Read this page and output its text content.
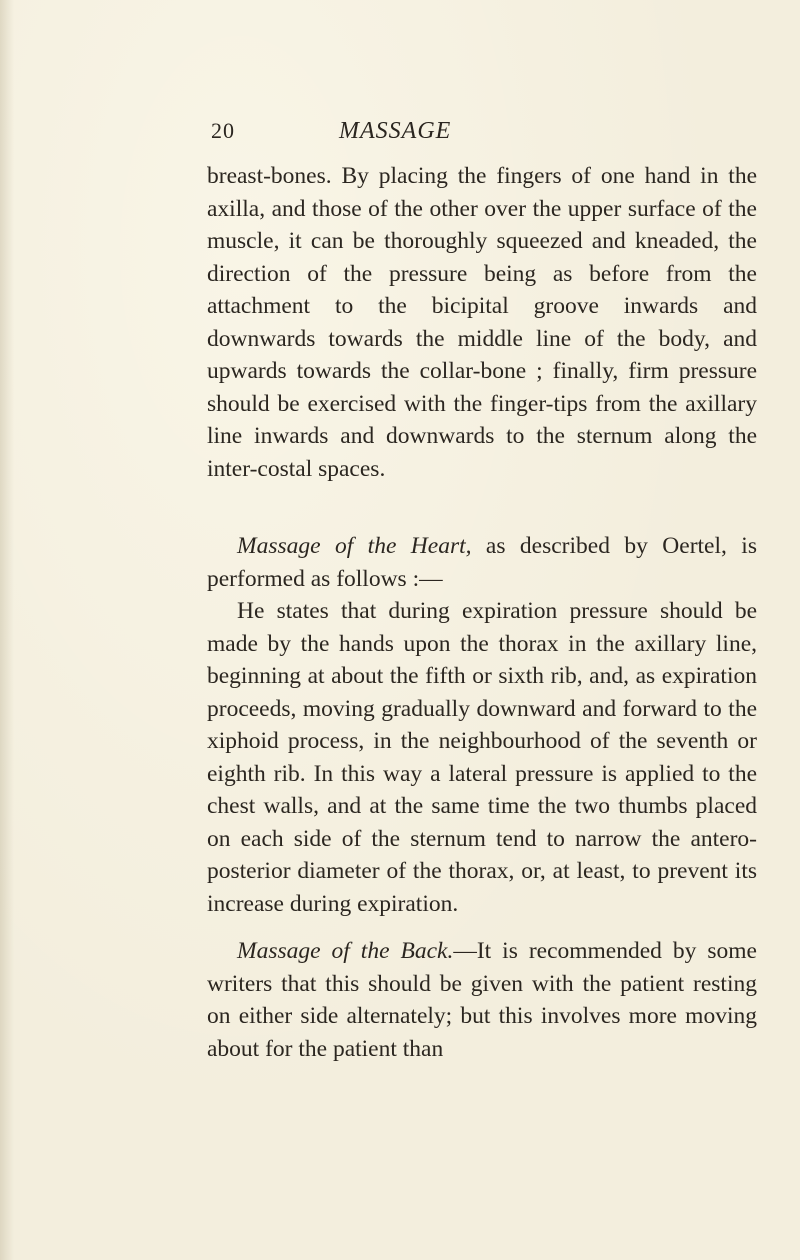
20	MASSAGE

breast-bones. By placing the fingers of one hand in the axilla, and those of the other over the upper surface of the muscle, it can be thoroughly squeezed and kneaded, the direction of the pressure being as before from the attachment to the bicipital groove inwards and downwards towards the middle line of the body, and upwards towards the collar-bone ; finally, firm pressure should be exercised with the finger-tips from the axillary line inwards and downwards to the sternum along the inter-costal spaces.

Massage of the Heart, as described by Oertel, is performed as follows :—

He states that during expiration pressure should be made by the hands upon the thorax in the axillary line, beginning at about the fifth or sixth rib, and, as expiration proceeds, moving gradually downward and forward to the xiphoid process, in the neighbourhood of the seventh or eighth rib. In this way a lateral pressure is applied to the chest walls, and at the same time the two thumbs placed on each side of the sternum tend to narrow the antero-posterior diameter of the thorax, or, at least, to prevent its increase during expiration.

Massage of the Back.—It is recommended by some writers that this should be given with the patient resting on either side alternately; but this involves more moving about for the patient than
